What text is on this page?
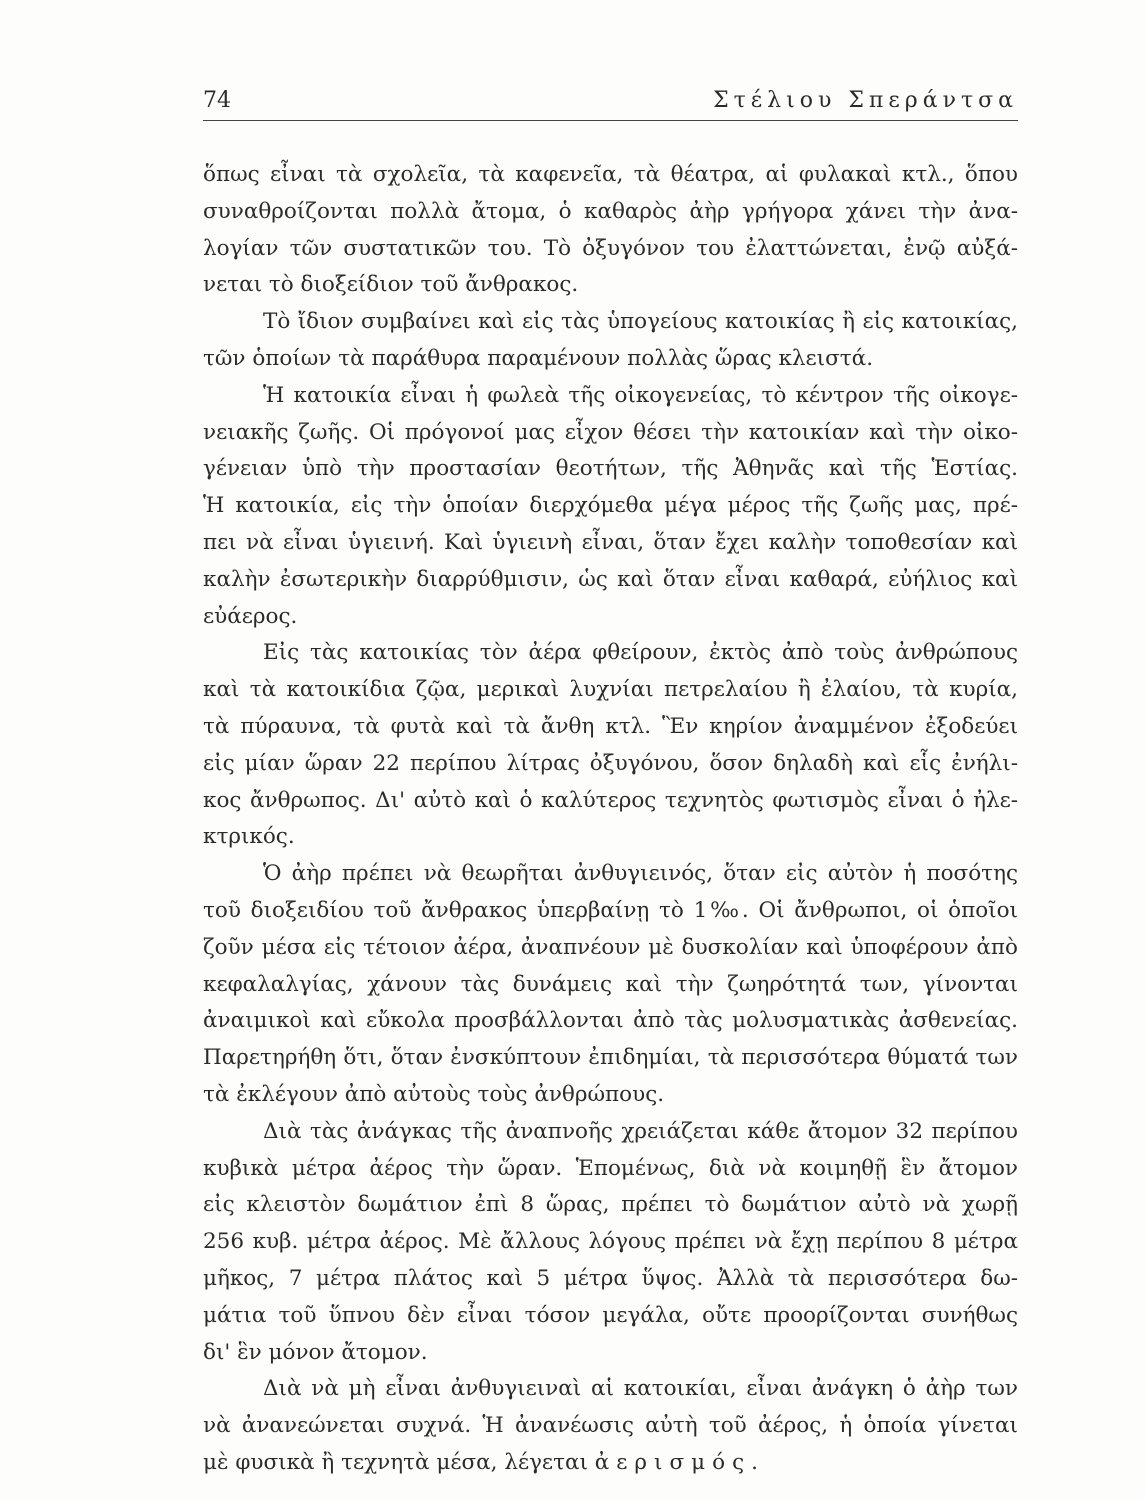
74	Στέλιου Σπεράντσα
ὅπως εἶναι τὰ σχολεῖα, τὰ καφενεῖα, τὰ θέατρα, αἱ φυλακαὶ κτλ., ὅπου
συναθροίζονται πολλὰ ἄτομα, ὁ καθαρὸς ἀὴρ γρήγορα χάνει τὴν ἀνα-
λογίαν τῶν συστατικῶν του. Τὸ ὀξυγόνον του ἐλαττώνεται, ἐνῷ αὐξά-
νεται τὸ διοξείδιον τοῦ ἄνθρακος.
Τὸ ἴδιον συμβαίνει καὶ εἰς τὰς ὑπογείους κατοικίας ἢ εἰς κατοικίας,
τῶν ὁποίων τὰ παράθυρα παραμένουν πολλὰς ὥρας κλειστά.
Ἡ κατοικία εἶναι ἡ φωλεὰ τῆς οἰκογενείας, τὸ κέντρον τῆς οἰκογε-
νειακῆς ζωῆς. Οἱ πρόγονοί μας εἶχον θέσει τὴν κατοικίαν καὶ τὴν οἰκο-
γένειαν ὑπὸ τὴν προστασίαν θεοτήτων, τῆς Ἀθηνᾶς καὶ τῆς Ἑστίας.
Ἡ κατοικία, εἰς τὴν ὁποίαν διερχόμεθα μέγα μέρος τῆς ζωῆς μας, πρέ-
πει νὰ εἶναι ὑγιεινή. Καὶ ὑγιεινὴ εἶναι, ὅταν ἔχει καλὴν τοποθεσίαν καὶ
καλὴν ἐσωτερικὴν διαρρύθμισιν, ὡς καὶ ὅταν εἶναι καθαρά, εὐήλιος καὶ
εὐάερος.
Εἰς τὰς κατοικίας τὸν ἀέρα φθείρουν, ἐκτὸς ἀπὸ τοὺς ἀνθρώπους
καὶ τὰ κατοικίδια ζῷα, μερικαὶ λυχνίαι πετρελαίου ἢ ἐλαίου, τὰ κυρία,
τὰ πύραυνα, τὰ φυτὰ καὶ τὰ ἄνθη κτλ. Ἓν κηρίον ἀναμμένον ἐξοδεύει
εἰς μίαν ὥραν 22 περίπου λίτρας ὀξυγόνου, ὅσον δηλαδὴ καὶ εἷς ἐνήλι-
κος ἄνθρωπος. Δι' αὐτὸ καὶ ὁ καλύτερος τεχνητὸς φωτισμὸς εἶναι ὁ ἠλε-
κτρικός.
Ὁ ἀὴρ πρέπει νὰ θεωρῆται ἀνθυγιεινός, ὅταν εἰς αὐτὸν ἡ ποσότης
τοῦ διοξειδίου τοῦ ἄνθρακος ὑπερβαίνῃ τὸ 1‰. Οἱ ἄνθρωποι, οἱ ὁποῖοι
ζοῦν μέσα εἰς τέτοιον ἀέρα, ἀναπνέουν μὲ δυσκολίαν καὶ ὑποφέρουν ἀπὸ
κεφαλαλγίας, χάνουν τὰς δυνάμεις καὶ τὴν ζωηρότητά των, γίνονται
ἀναιμικοὶ καὶ εὔκολα προσβάλλονται ἀπὸ τὰς μολυσματικὰς ἀσθενείας.
Παρετηρήθη ὅτι, ὅταν ἐνσκύπτουν ἐπιδημίαι, τὰ περισσότερα θύματά των
τὰ ἐκλέγουν ἀπὸ αὐτοὺς τοὺς ἀνθρώπους.
Διὰ τὰς ἀνάγκας τῆς ἀναπνοῆς χρειάζεται κάθε ἄτομον 32 περίπου
κυβικὰ μέτρα ἀέρος τὴν ὥραν. Ἑπομένως, διὰ νὰ κοιμηθῇ ἓν ἄτομον
εἰς κλειστὸν δωμάτιον ἐπὶ 8 ὥρας, πρέπει τὸ δωμάτιον αὐτὸ νὰ χωρῇ
256 κυβ. μέτρα ἀέρος. Μὲ ἄλλους λόγους πρέπει νὰ ἔχῃ περίπου 8 μέτρα
μῆκος, 7 μέτρα πλάτος καὶ 5 μέτρα ὕψος. Ἀλλὰ τὰ περισσότερα δω-
μάτια τοῦ ὕπνου δὲν εἶναι τόσον μεγάλα, οὔτε προορίζονται συνήθως
δι' ἓν μόνον ἄτομον.
Διὰ νὰ μὴ εἶναι ἀνθυγιειναὶ αἱ κατοικίαι, εἶναι ἀνάγκη ὁ ἀὴρ των
νὰ ἀνανεώνεται συχνά. Ἡ ἀνανέωσις αὐτὴ τοῦ ἀέρος, ἡ ὁποία γίνεται
μὲ φυσικὰ ἢ τεχνητὰ μέσα, λέγεται ἀερισμός.
